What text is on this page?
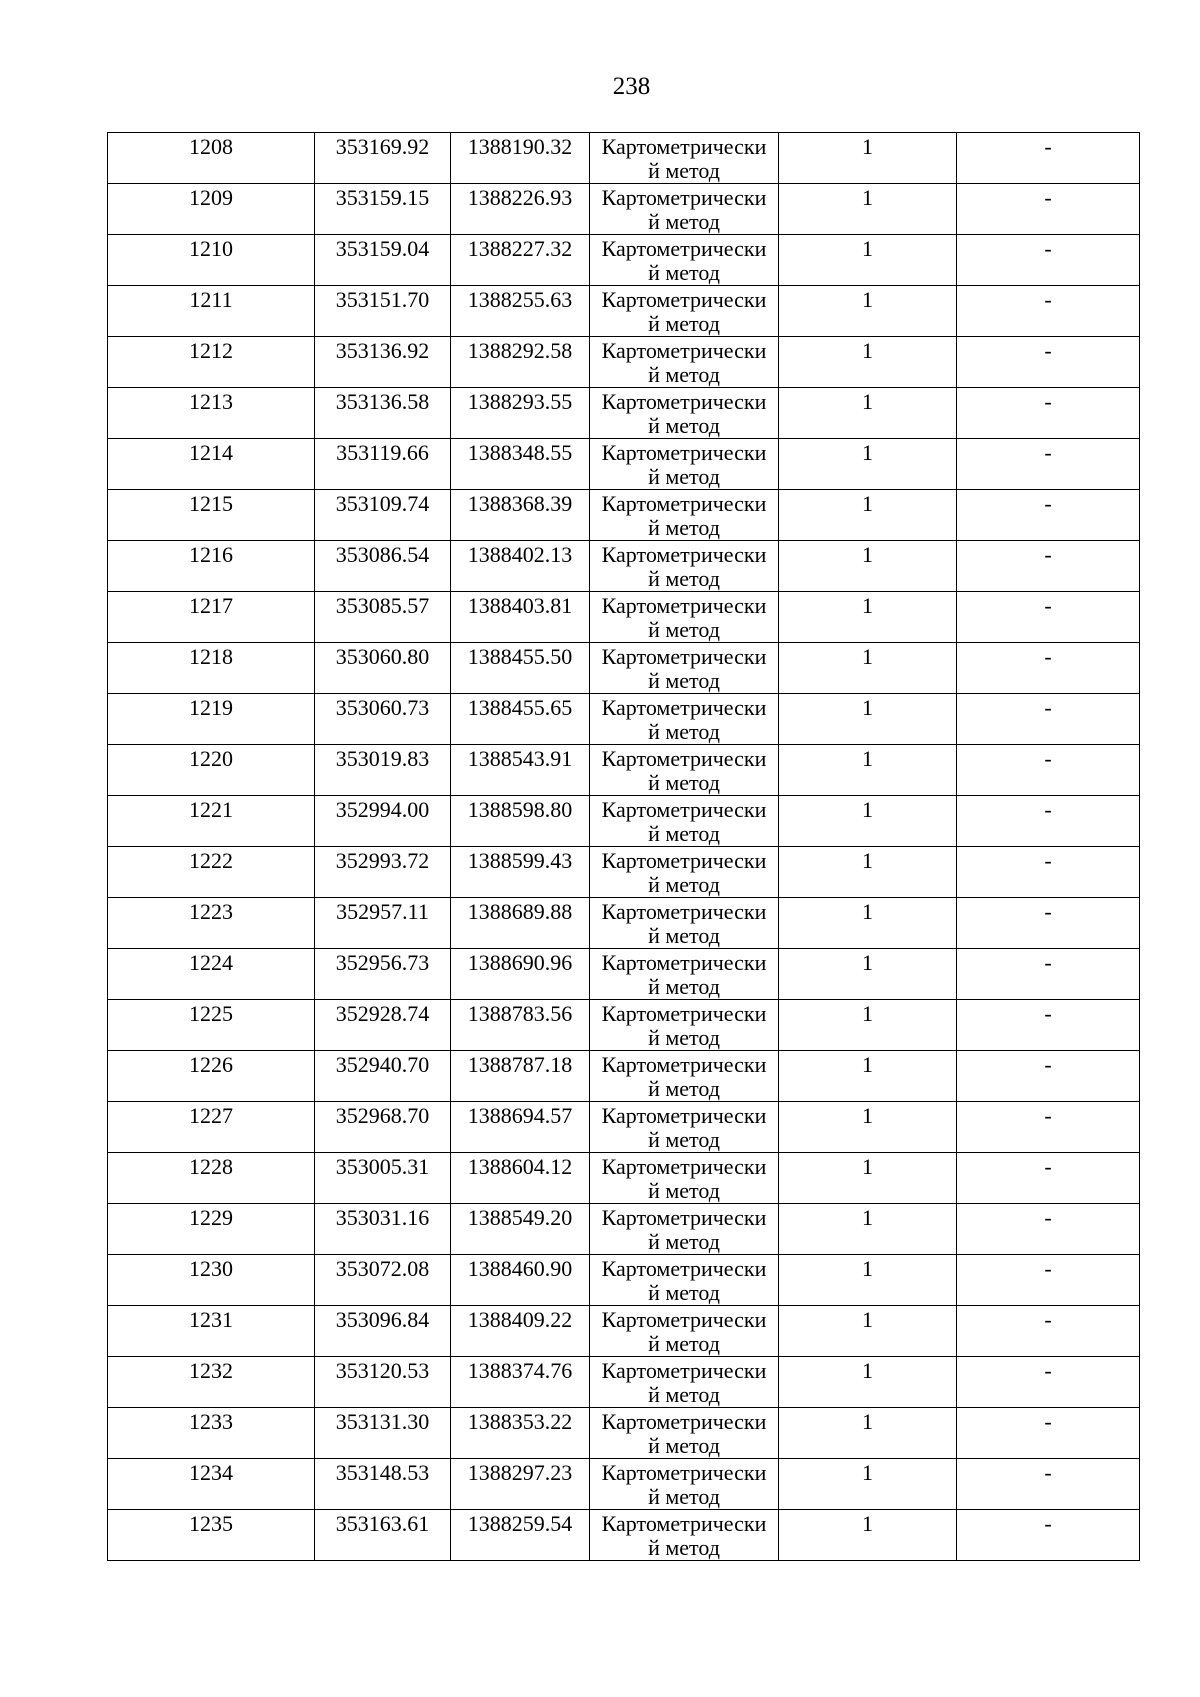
238
1208	353169.92	1388190.32	Картометрически
й метод	1	-

1209	353159.15	1388226.93	Картометрически
й метод	1	-

1210	353159.04	1388227.32	Картометрически
й метод	1	-

1211	353151.70	1388255.63	Картометрически
й метод	1	-

1212	353136.92	1388292.58	Картометрически
й метод	1	-

1213	353136.58	1388293.55	Картометрически
й метод	1	-

1214	353119.66	1388348.55	Картометрически
й метод	1	-

1215	353109.74	1388368.39	Картометрически
й метод	1	-

1216	353086.54	1388402.13	Картометрически
й метод	1	-

1217	353085.57	1388403.81	Картометрически
й метод	1	-

1218	353060.80	1388455.50	Картометрически
й метод	1	-

1219	353060.73	1388455.65	Картометрически
й метод	1	-

1220	353019.83	1388543.91	Картометрически
й метод	1	-

1221	352994.00	1388598.80	Картометрически
й метод	1	-

1222	352993.72	1388599.43	Картометрически
й метод	1	-

1223	352957.11	1388689.88	Картометрически
й метод	1	-

1224	352956.73	1388690.96	Картометрически
й метод	1	-

1225	352928.74	1388783.56	Картометрически
й метод	1	-

1226	352940.70	1388787.18	Картометрически
й метод	1	-

1227	352968.70	1388694.57	Картометрически
й метод	1	-

1228	353005.31	1388604.12	Картометрически
й метод	1	-

1229	353031.16	1388549.20	Картометрически
й метод	1	-

1230	353072.08	1388460.90	Картометрически
й метод	1	-

1231	353096.84	1388409.22	Картометрически
й метод	1	-

1232	353120.53	1388374.76	Картометрически
й метод	1	-

1233	353131.30	1388353.22	Картометрически
й метод	1	-

1234	353148.53	1388297.23	Картометрически
й метод	1	-

1235	353163.61	1388259.54	Картометрически
й метод	1	-
